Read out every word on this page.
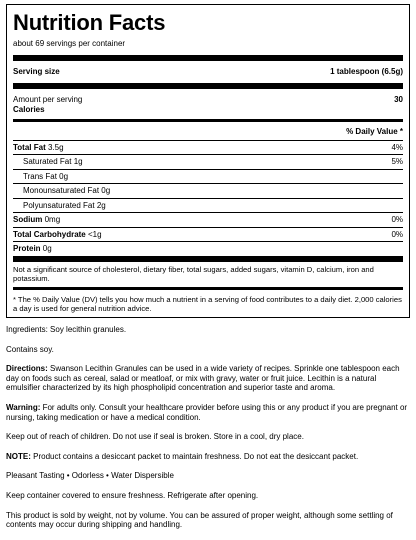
Nutrition Facts
about 69 servings per container
Serving size	1 tablespoon (6.5g)
Amount per serving
Calories
30
% Daily Value *
Total Fat 3.5g	4%
Saturated Fat 1g	5%
Trans Fat 0g
Monounsaturated Fat 0g
Polyunsaturated Fat 2g
Sodium 0mg	0%
Total Carbohydrate <1g	0%
Protein 0g
Not a significant source of cholesterol, dietary fiber, total sugars, added sugars, vitamin D, calcium, iron and potassium.
* The % Daily Value (DV) tells you how much a nutrient in a serving of food contributes to a daily diet. 2,000 calories a day is used for general nutrition advice.

Ingredients: Soy lecithin granules.

Contains soy.

Directions: Swanson Lecithin Granules can be used in a wide variety of recipes. Sprinkle one tablespoon each day on foods such as cereal, salad or meatloaf, or mix with gravy, water or fruit juice. Lecithin is a natural emulsifier characterized by its high phospholipid concentration and superior taste and aroma.

Warning: For adults only. Consult your healthcare provider before using this or any product if you are pregnant or nursing, taking medication or have a medical condition.

Keep out of reach of children. Do not use if seal is broken. Store in a cool, dry place.

NOTE: Product contains a desiccant packet to maintain freshness. Do not eat the desiccant packet.

Pleasant Tasting • Odorless • Water Dispersible

Keep container covered to ensure freshness. Refrigerate after opening.

This product is sold by weight, not by volume. You can be assured of proper weight, although some settling of contents may occur during shipping and handling.
